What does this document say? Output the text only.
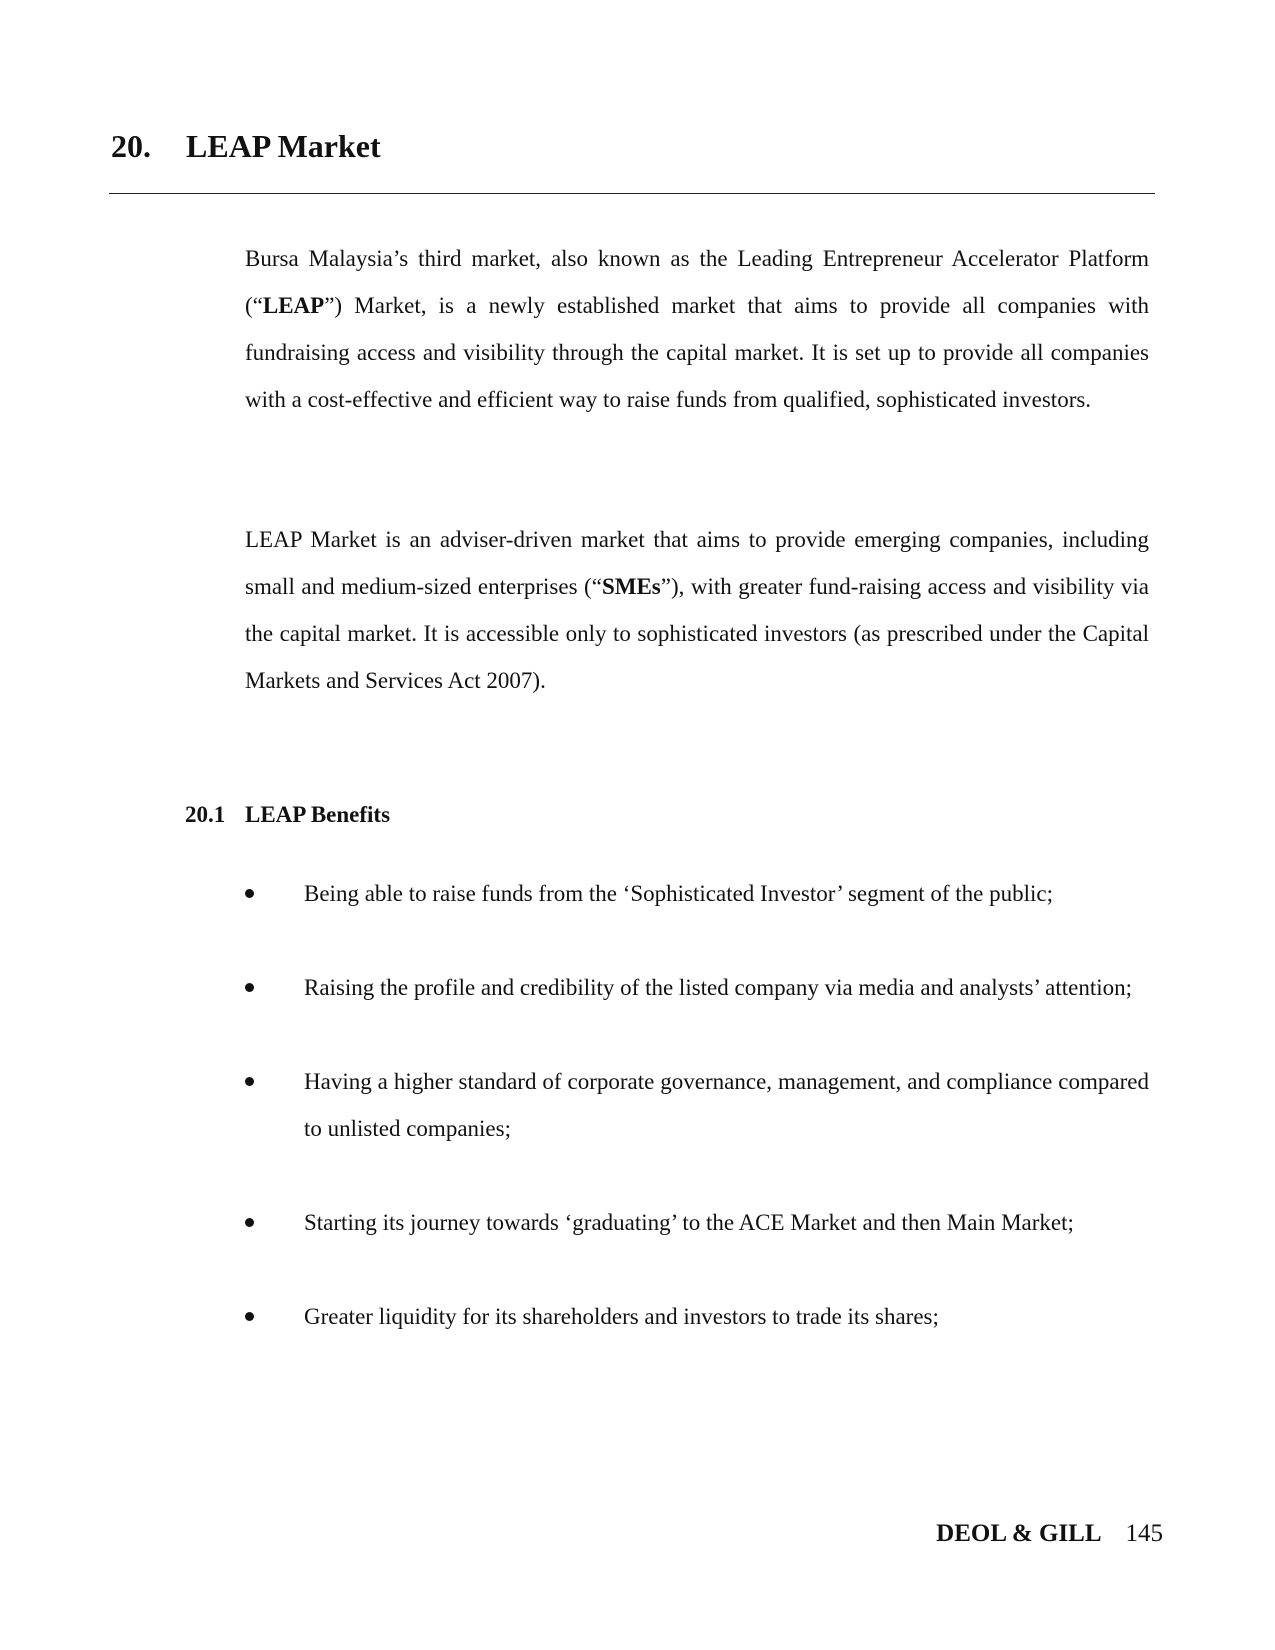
20. LEAP Market
Bursa Malaysia’s third market, also known as the Leading Entrepreneur Accelerator Platform (“LEAP”) Market, is a newly established market that aims to provide all companies with fundraising access and visibility through the capital market. It is set up to provide all companies with a cost-effective and efficient way to raise funds from qualified, sophisticated investors.
LEAP Market is an adviser-driven market that aims to provide emerging companies, including small and medium-sized enterprises (“SMEs”), with greater fund-raising access and visibility via the capital market. It is accessible only to sophisticated investors (as prescribed under the Capital Markets and Services Act 2007).
20.1 LEAP Benefits
Being able to raise funds from the ‘Sophisticated Investor’ segment of the public;
Raising the profile and credibility of the listed company via media and analysts’ attention;
Having a higher standard of corporate governance, management, and compliance compared to unlisted companies;
Starting its journey towards ‘graduating’ to the ACE Market and then Main Market;
Greater liquidity for its shareholders and investors to trade its shares;
DEOL & GILL 145
